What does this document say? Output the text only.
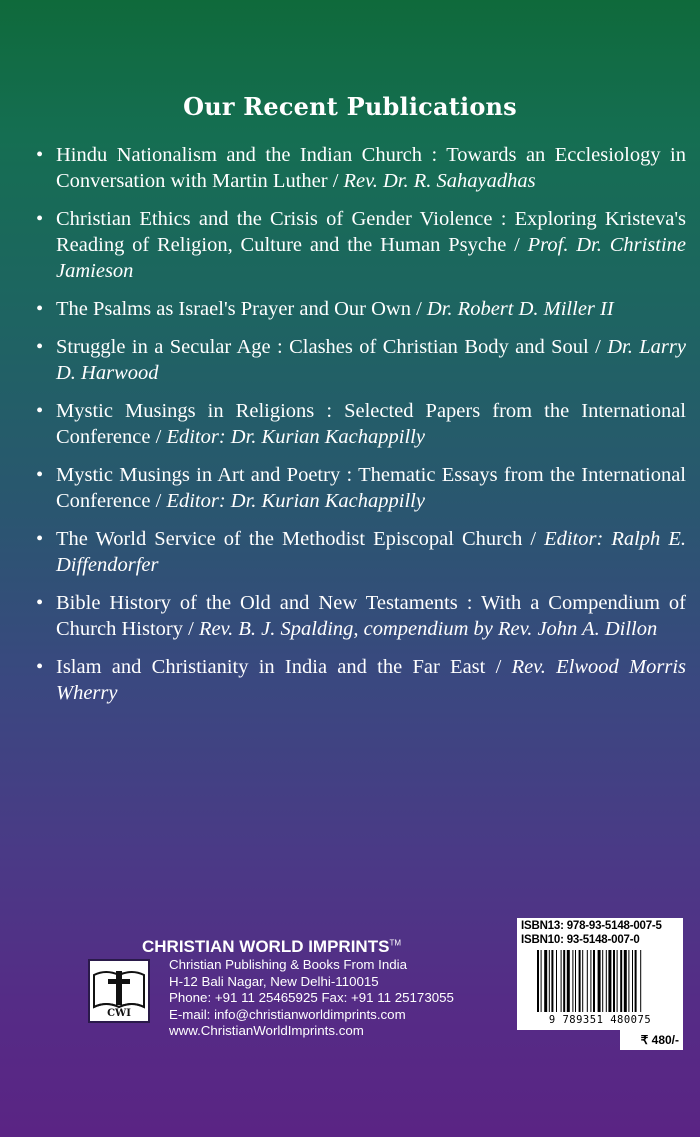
Our Recent Publications
• Hindu Nationalism and the Indian Church : Towards an Ecclesiology in Conversation with Martin Luther / Rev. Dr. R. Sahayadhas
• Christian Ethics and the Crisis of Gender Violence : Exploring Kristeva's Reading of Religion, Culture and the Human Psyche / Prof. Dr. Christine Jamieson
• The Psalms as Israel's Prayer and Our Own / Dr. Robert D. Miller II
• Struggle in a Secular Age : Clashes of Christian Body and Soul / Dr. Larry D. Harwood
• Mystic Musings in Religions : Selected Papers from the International Conference / Editor: Dr. Kurian Kachappilly
• Mystic Musings in Art and Poetry : Thematic Essays from the International Conference / Editor: Dr. Kurian Kachappilly
• The World Service of the Methodist Episcopal Church / Editor: Ralph E. Diffendorfer
• Bible History of the Old and New Testaments : With a Compendium of Church History / Rev. B. J. Spalding, compendium by Rev. John A. Dillon
• Islam and Christianity in India and the Far East / Rev. Elwood Morris Wherry
CWI
CHRISTIAN WORLD IMPRINTS™
Christian Publishing & Books From India
H-12 Bali Nagar, New Delhi-110015
Phone: +91 11 25465925 Fax: +91 11 25173055
E-mail: info@christianworldimprints.com
www.ChristianWorldImprints.com
ISBN13: 978-93-5148-007-5
ISBN10: 93-5148-007-0
9 789351 480075
₹ 480/-
